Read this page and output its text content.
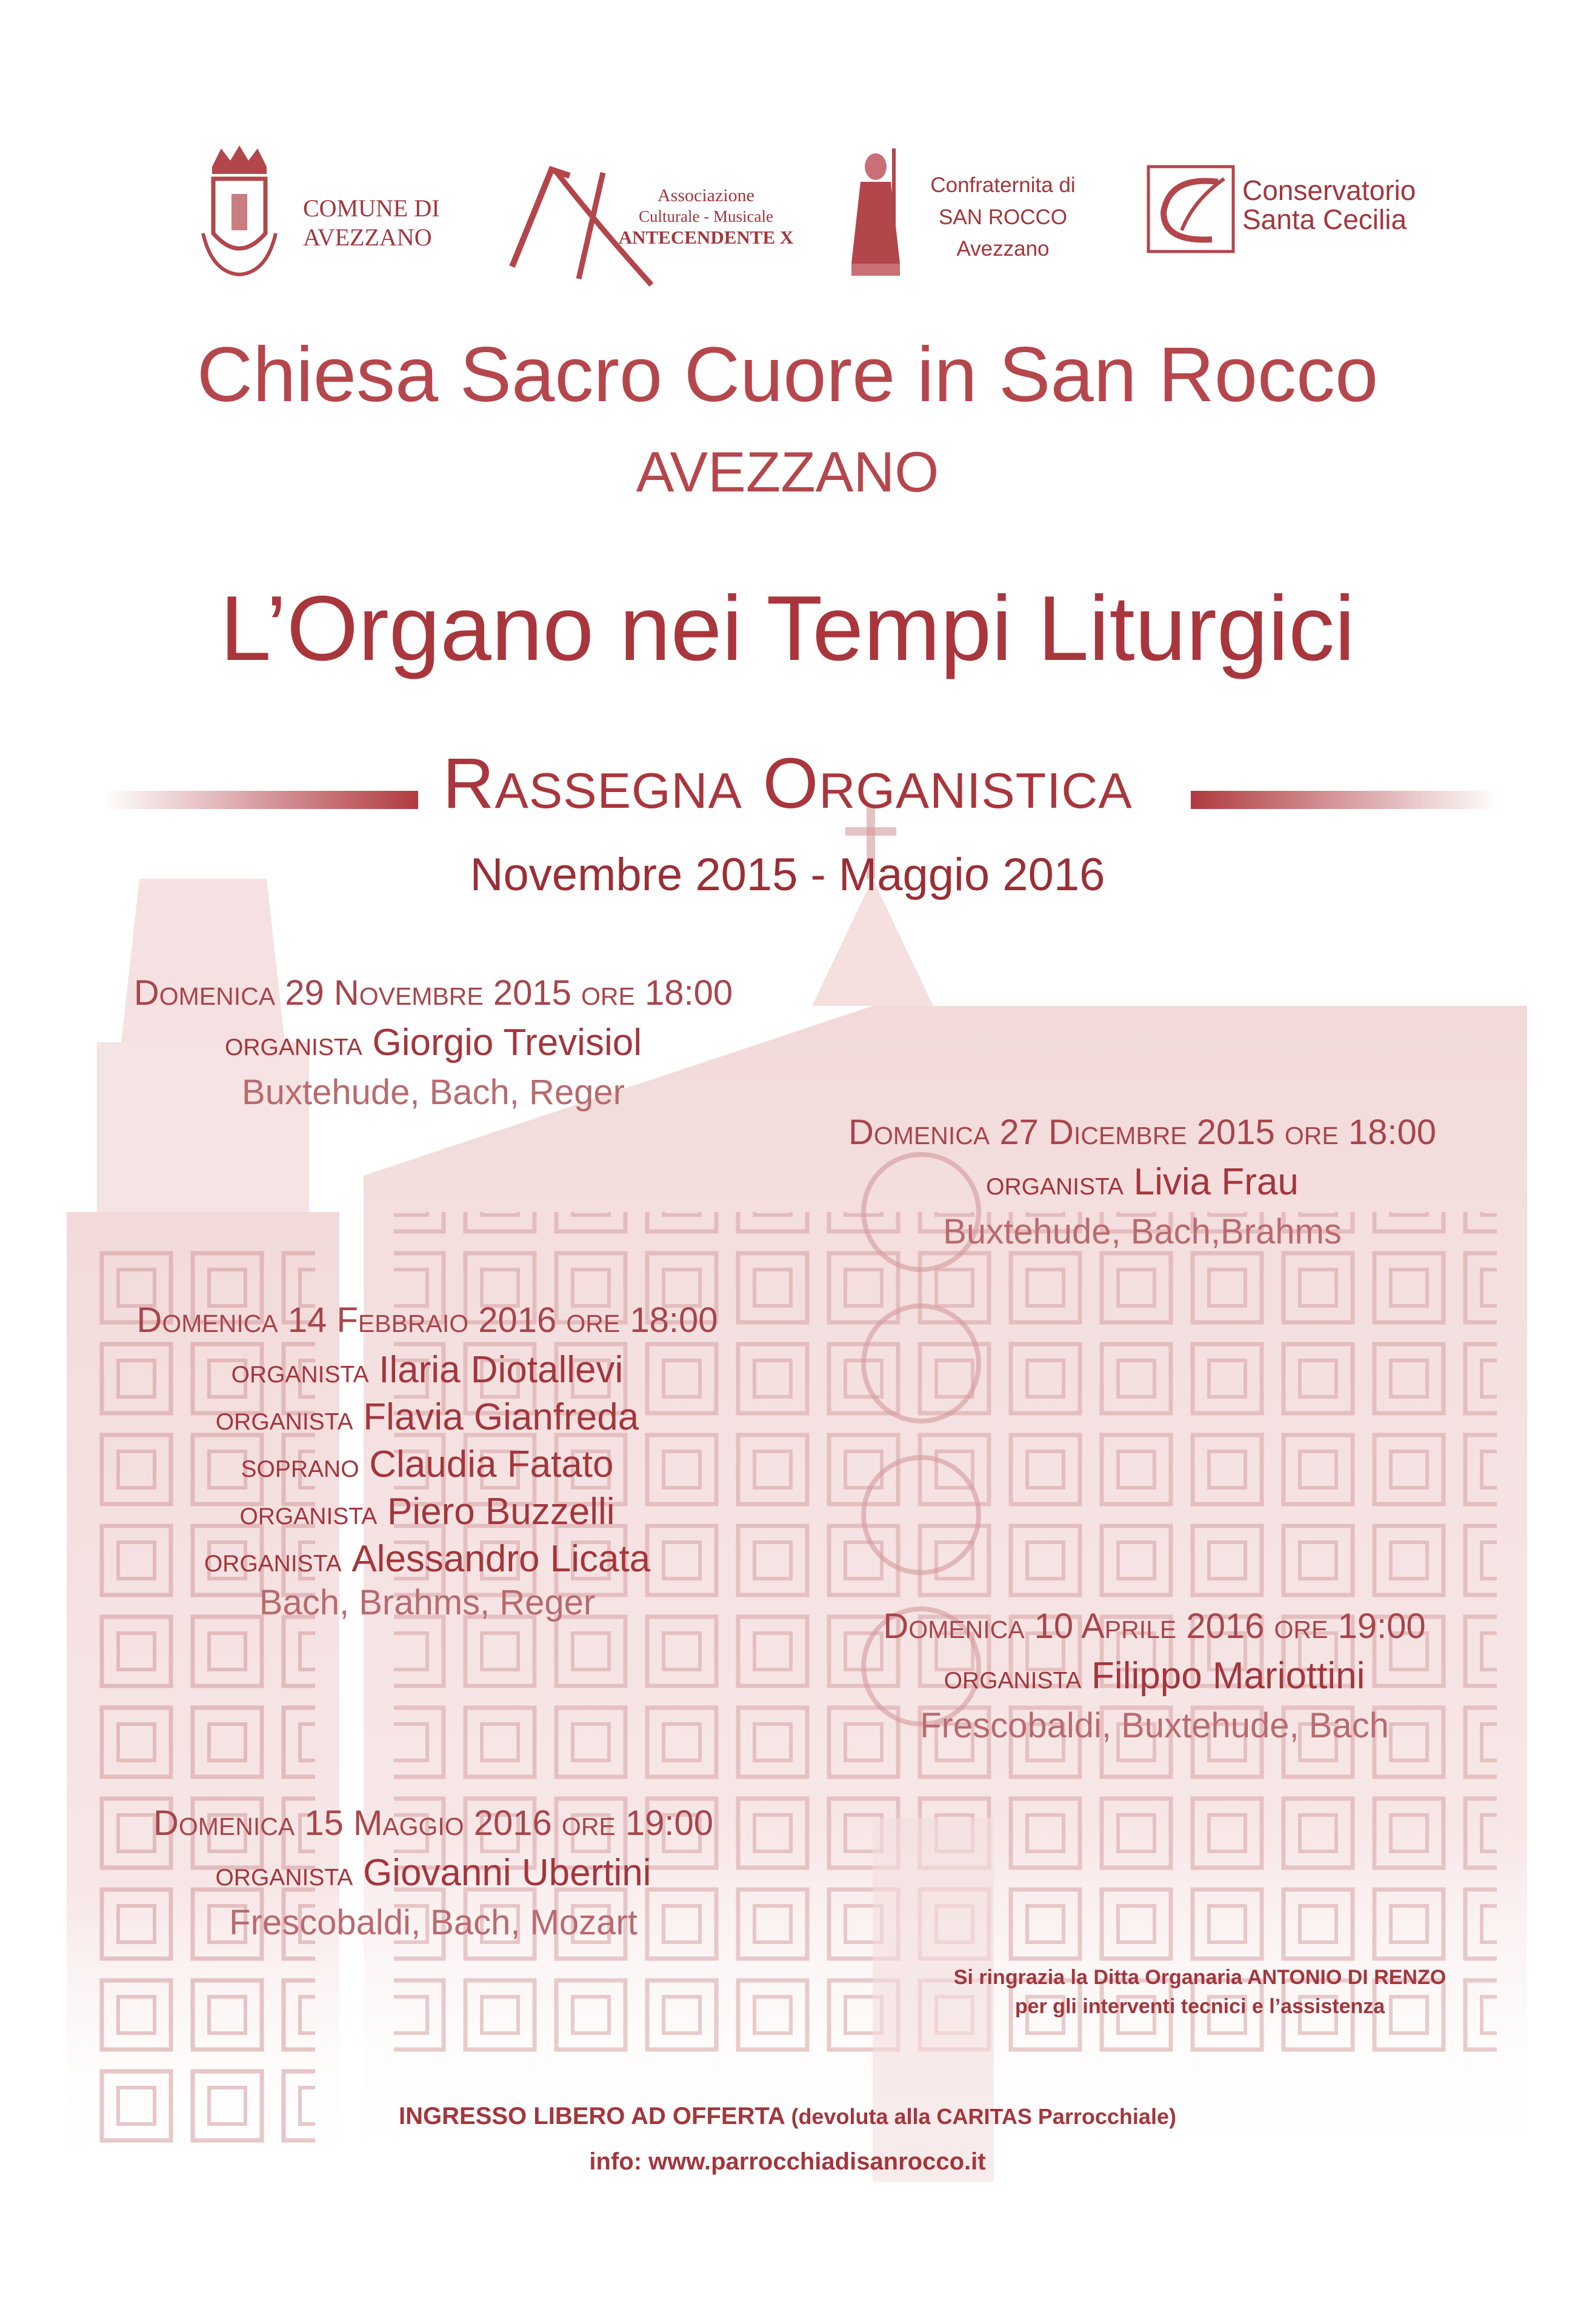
COMUNE DI
AVEZZANO
Associazione
Culturale - Musicale
ANTECENDENTE X
Confraternita di
SAN ROCCO
Avezzano
Conservatorio
Santa Cecilia
Chiesa Sacro Cuore in San Rocco
AVEZZANO
L’Organo nei Tempi Liturgici
Rassegna Organistica
Novembre 2015 - Maggio 2016
Domenica 29 Novembre 2015 ore 18:00
organista Giorgio Trevisiol
Buxtehude, Bach, Reger
Domenica 27 Dicembre 2015 ore 18:00
organista Livia Frau
Buxtehude, Bach,Brahms
Domenica 14 Febbraio 2016 ore 18:00
organista Ilaria Diotallevi
organista Flavia Gianfreda
soprano Claudia Fatato
organista Piero Buzzelli
organista Alessandro Licata
Bach, Brahms, Reger
Domenica 10 Aprile 2016 ore 19:00
organista Filippo Mariottini
Frescobaldi, Buxtehude, Bach
Domenica 15 Maggio 2016 ore 19:00
organista Giovanni Ubertini
Frescobaldi, Bach, Mozart
Si ringrazia la Ditta Organaria ANTONIO DI RENZO
per gli interventi tecnici e l’assistenza
INGRESSO LIBERO AD OFFERTA (devoluta alla CARITAS Parrocchiale)
info: www.parrocchiadisanrocco.it
